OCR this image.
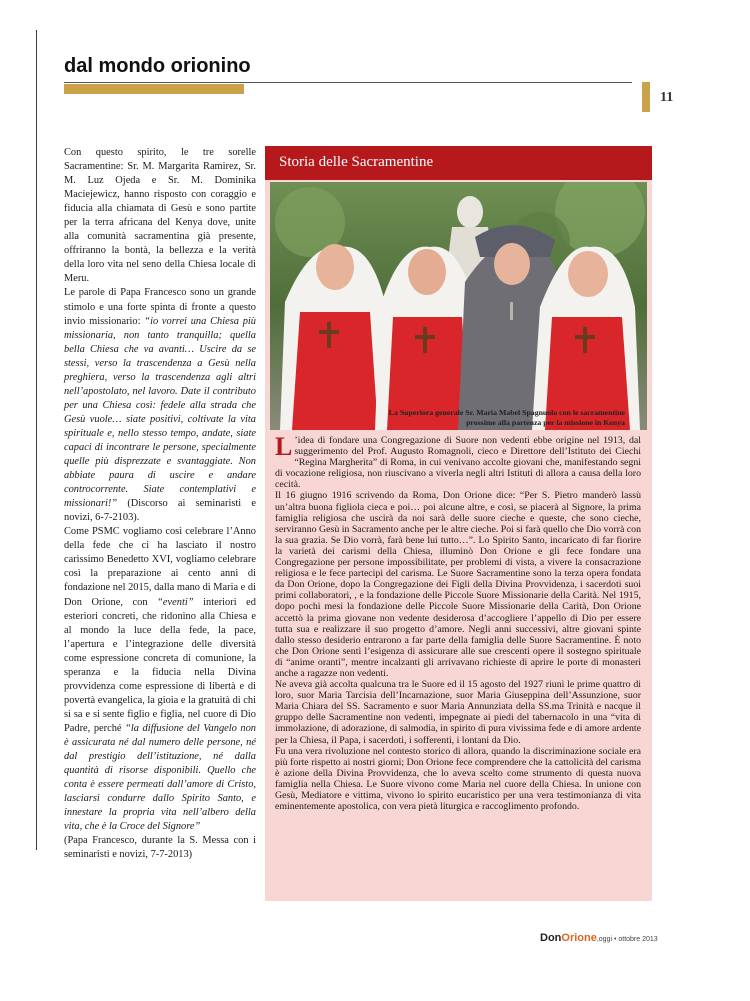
dal mondo orionino
11

Con questo spirito, le tre sorelle Sacramentine: Sr. M. Margarita Ramirez, Sr. M. Luz Ojeda e Sr. M. Dominika Maciejewicz, hanno risposto con coraggio e fiducia alla chiamata di Gesù e sono partite per la terra africana del Kenya dove, unite alla comunità sacramentina già presente, offriranno la bontà, la bellezza e la verità della loro vita nel seno della Chiesa locale di Meru.

Le parole di Papa Francesco sono un grande stimolo e una forte spinta di fronte a questo invio missionario: “io vorrei una Chiesa più missionaria, non tanto tranquilla; quella bella Chiesa che va avanti… Uscire da se stessi, verso la trascendenza a Gesù nella preghiera, verso la trascendenza agli altri nell’apostolato, nel lavoro. Date il contributo per una Chiesa così: fedele alla strada che Gesù vuole… siate positivi, coltivate la vita spirituale e, nello stesso tempo, andate, siate capaci di incontrare le persone, specialmente quelle più disprezzate e svantaggiate. Non abbiate paura di uscire e andare controcorrente. Siate contemplativi e missionari!” (Discorso ai seminaristi e novizi, 6-7-2103).

Come PSMC vogliamo così celebrare l’Anno della fede che ci ha lasciato il nostro carissimo Benedetto XVI, vogliamo celebrare così la preparazione ai cento anni di fondazione nel 2015, dalla mano di Maria e di Don Orione, con “eventi” interiori ed esteriori concreti, che ridonino alla Chiesa e al mondo la luce della fede, la pace, l’apertura e l’integrazione delle diversità come espressione concreta di comunione, la speranza e la fiducia nella Divina provvidenza come espressione di libertà e di povertà evangelica, la gioia e la gratuità di chi si sa e si sente figlio e figlia, nel cuore di Dio Padre, perché “la diffusione del Vangelo non è assicurata né dal numero delle persone, né dal prestigio dell’istituzione, né dalla quantità di risorse disponibili. Quello che conta è essere permeati dall’amore di Cristo, lasciarsi condurre dallo Spirito Santo, e innestare la propria vita nell’albero della vita, che è la Croce del Signore”

(Papa Francesco, durante la S. Messa con i seminaristi e novizi, 7-7-2013)

Storia delle Sacramentine
La Superiora generale Sr. Maria Mabel Spagnuolo con le sacramentine
prossime alla partenza per la missione in Kenya

L ’idea di fondare una Congregazione di Suore non vedenti ebbe origine nel 1913, dal suggerimento del Prof. Augusto Romagnoli, cieco e Direttore dell’Istituto dei Ciechi “Regina Margherita” di Roma, in cui venivano accolte giovani che, manifestando segni di vocazione religiosa, non riuscivano a viverla negli altri Istituti di allora a causa della loro cecità.

Il 16 giugno 1916 scrivendo da Roma, Don Orione dice: “Per S. Pietro manderò lassù un’altra buona figliola cieca e poi… poi alcune altre, e così, se piacerà al Signore, la prima famiglia religiosa che uscirà da noi sarà delle suore cieche e queste, che sono cieche, serviranno Gesù in Sacramento anche per le altre cieche. Poi si farà quello che Dio vorrà con la sua grazia. Se Dio vorrà, farà bene lui tutto…”. Lo Spirito Santo, incaricato di far fiorire la varietà dei carismi della Chiesa, illuminò Don Orione e gli fece fondare una Congregazione per persone impossibilitate, per problemi di vista, a vivere la consacrazione religiosa e le fece partecipi del carisma. Le Suore Sacramentine sono la terza opera fondata da Don Orione, dopo la Congregazione dei Figli della Divina Provvidenza, i sacerdoti suoi primi collaboratori, , e la fondazione delle Piccole Suore Missionarie della Carità. Nel 1915, dopo pochi mesi la fondazione delle Piccole Suore Missionarie della Carità, Don Orione accettò la prima giovane non vedente desiderosa d’accogliere l’appello di Dio per essere tutta sua e realizzare il suo progetto d’amore. Negli anni successivi, altre giovani spinte dallo stesso desiderio entrarono a far parte della famiglia delle Suore Sacramentine. È noto che Don Orione sentì l’esigenza di assicurare alle sue crescenti opere il sostegno spirituale di “anime oranti”, mentre incalzanti gli arrivavano richieste di aprire le porte di monasteri anche a ragazze non vedenti.

Ne aveva già accolta qualcuna tra le Suore ed il 15 agosto del 1927 riunì le prime quattro di loro, suor Maria Tarcisia dell’Incarnazione, suor Maria Giuseppina dell’Assunzione, suor Maria Chiara del SS. Sacramento e suor Maria Annunziata della SS.ma Trinità e nacque il gruppo delle Sacramentine non vedenti, impegnate ai piedi del tabernacolo in una “vita di immolazione, di adorazione, di salmodia, in spirito di pura vivissima fede e di amore ardente per la Chiesa, il Papa, i sacerdoti, i sofferenti, i lontani da Dio.

Fu una vera rivoluzione nel contesto storico di allora, quando la discriminazione sociale era più forte rispetto ai nostri giorni; Don Orione fece comprendere che la cattolicità del carisma è azione della Divina Provvidenza, che lo aveva scelto come strumento di questa nuova famiglia nella Chiesa. Le Suore vivono come Maria nel cuore della Chiesa. In unione con Gesù, Mediatore e vittima, vivono lo spirito eucaristico per una vera testimonianza di vita eminentemente apostolica, con vera pietà liturgica e raccoglimento profondo.

DonOrione,oggi • ottobre 2013
